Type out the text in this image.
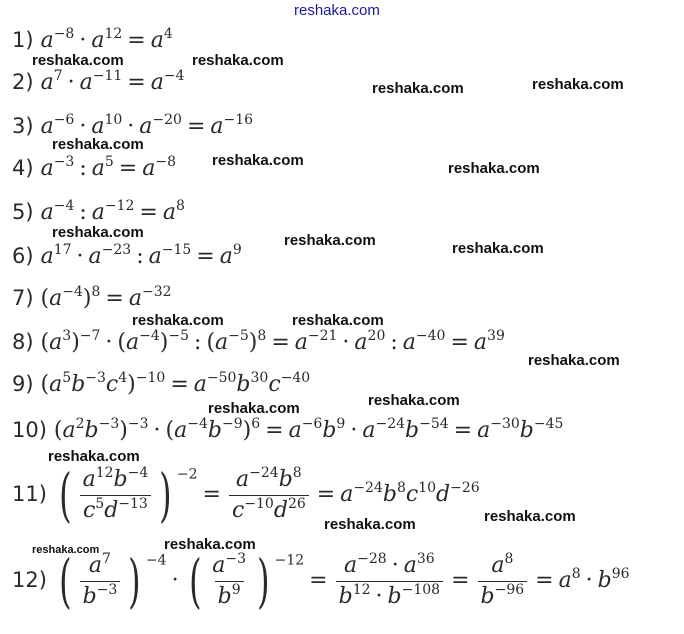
reshaka.com
1) $a^{-8} \cdot a^{12} = a^4$
2) $a^7 \cdot a^{-11} = a^{-4}$
3) $a^{-6} \cdot a^{10} \cdot a^{-20} = a^{-16}$
4) $a^{-3}$ : $a^5 = a^{-8}$
5) $a^{-4}$ : $a^{-12} = a^8$
6) $a^{17} \cdot a^{-23}$ : $a^{-15} = a^9$
7) $(a^{-4})^8 = a^{-32}$
8) $(a^3)^{-7} \cdot (a^{-4})^{-5}$ : $(a^{-5})^8 = a^{-21} \cdot a^{20}$ : $a^{-40} = a^{39}$
9) $(a^5b^{-3}c^4)^{-10} = a^{-50}b^{30}c^{-40}$
10) $(a^2b^{-3})^{-3} \cdot (a^{-4}b^{-9})^6 = a^{-6}b^9 \cdot a^{-24}b^{-54} = a^{-30}b^{-45}$
11) ( $\frac{a^{12}b^{-4}}{c^5d^{-13}}$ ) $^{-2}= \frac{a^{-24}b^8}{c^{-10}d^{26}} = a^{-24}b^8c^{10}d^{-26}$
12) ( $\frac{a^7}{b^{-3}}$ ) $^{-4}$· ( $\frac{a^{-3}}{b^9}$ ) $^{-12}= \frac{a^{-28} \cdot a^{36}}{b^{12} \cdot b^{-108}} = \frac{a^8}{b^{-96}} = a^8 \cdot b^{96}$
reshaka.com	reshaka.com
reshaka.com	reshaka.com
reshaka.com
reshaka.com	reshaka.com
reshaka.com	reshaka.com	reshaka.com
reshaka.com	reshaka.com
reshaka.com
reshaka.com
reshaka.com
reshaka.com
reshaka.com
reshaka.com
reshaka.com	reshaka.com
